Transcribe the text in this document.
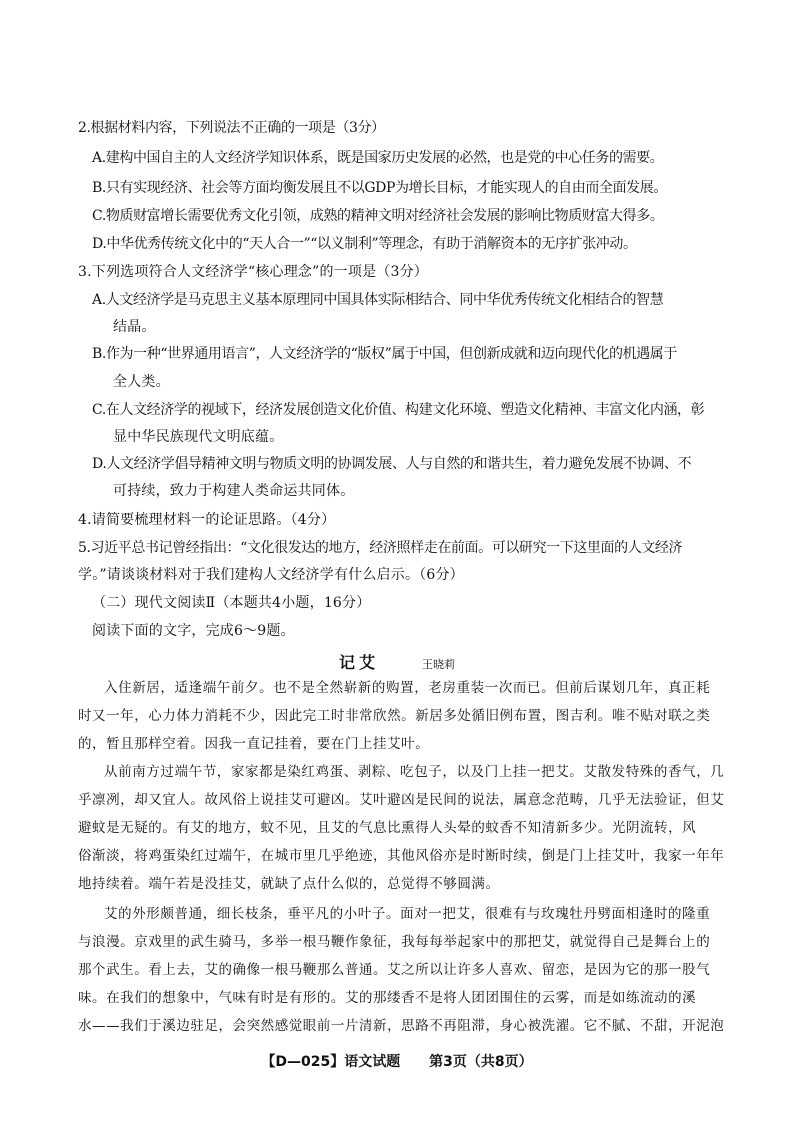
2.根据材料内容，下列说法不正确的一项是（3分）
A.建构中国自主的人文经济学知识体系，既是国家历史发展的必然，也是党的中心任务的需要。
B.只有实现经济、社会等方面均衡发展且不以GDP为增长目标，才能实现人的自由而全面发展。
C.物质财富增长需要优秀文化引领，成熟的精神文明对经济社会发展的影响比物质财富大得多。
D.中华优秀传统文化中的“天人合一”“以义制利”等理念，有助于消解资本的无序扩张冲动。
3.下列选项符合人文经济学“核心理念”的一项是（3分）
A.人文经济学是马克思主义基本原理同中国具体实际相结合、同中华优秀传统文化相结合的智慧
结晶。
B.作为一种“世界通用语言”，人文经济学的“版权”属于中国，但创新成就和迈向现代化的机遇属于
全人类。
C.在人文经济学的视域下，经济发展创造文化价值、构建文化环境、塑造文化精神、丰富文化内涵，彰
显中华民族现代文明底蕴。
D.人文经济学倡导精神文明与物质文明的协调发展、人与自然的和谐共生，着力避免发展不协调、不
可持续，致力于构建人类命运共同体。
4.请简要梳理材料一的论证思路。（4分）
5.习近平总书记曾经指出：“文化很发达的地方，经济照样走在前面。可以研究一下这里面的人文经济
学。”请谈谈材料对于我们建构人文经济学有什么启示。（6分）
（二）现代文阅读Ⅱ（本题共4小题，16分）
阅读下面的文字，完成6～9题。
记艾	王晓莉
入住新居，适逢端午前夕。也不是全然崭新的购置，老房重装一次而已。但前后谋划几年，真正耗
时又一年，心力体力消耗不少，因此完工时非常欣然。新居多处循旧例布置，图吉利。唯不贴对联之类
的，暂且那样空着。因我一直记挂着，要在门上挂艾叶。
从前南方过端午节，家家都是染红鸡蛋、剥粽、吃包子，以及门上挂一把艾。艾散发特殊的香气，几
乎凛冽，却又宜人。故风俗上说挂艾可避凶。艾叶避凶是民间的说法，属意念范畴，几乎无法验证，但艾
避蚊是无疑的。有艾的地方，蚊不见，且艾的气息比熏得人头晕的蚊香不知清新多少。光阴流转，风
俗渐淡，将鸡蛋染红过端午，在城市里几乎绝迹，其他风俗亦是时断时续，倒是门上挂艾叶，我家一年年
地持续着。端午若是没挂艾，就缺了点什么似的，总觉得不够圆满。
艾的外形颇普通，细长枝条，垂平凡的小叶子。面对一把艾，很难有与玫瑰牡丹劈面相逢时的隆重
与浪漫。京戏里的武生骑马，多举一根马鞭作象征，我每每举起家中的那把艾，就觉得自己是舞台上的
那个武生。看上去，艾的确像一根马鞭那么普通。艾之所以让许多人喜欢、留恋，是因为它的那一股气
味。在我们的想象中，气味有时是有形的。艾的那缕香不是将人团团围住的云雾，而是如练流动的溪
水——我们于溪边驻足，会突然感觉眼前一片清新，思路不再阻滞，身心被洗濯。它不腻、不甜，开泥泡
【D—025】语文试题 第3页（共8页）
